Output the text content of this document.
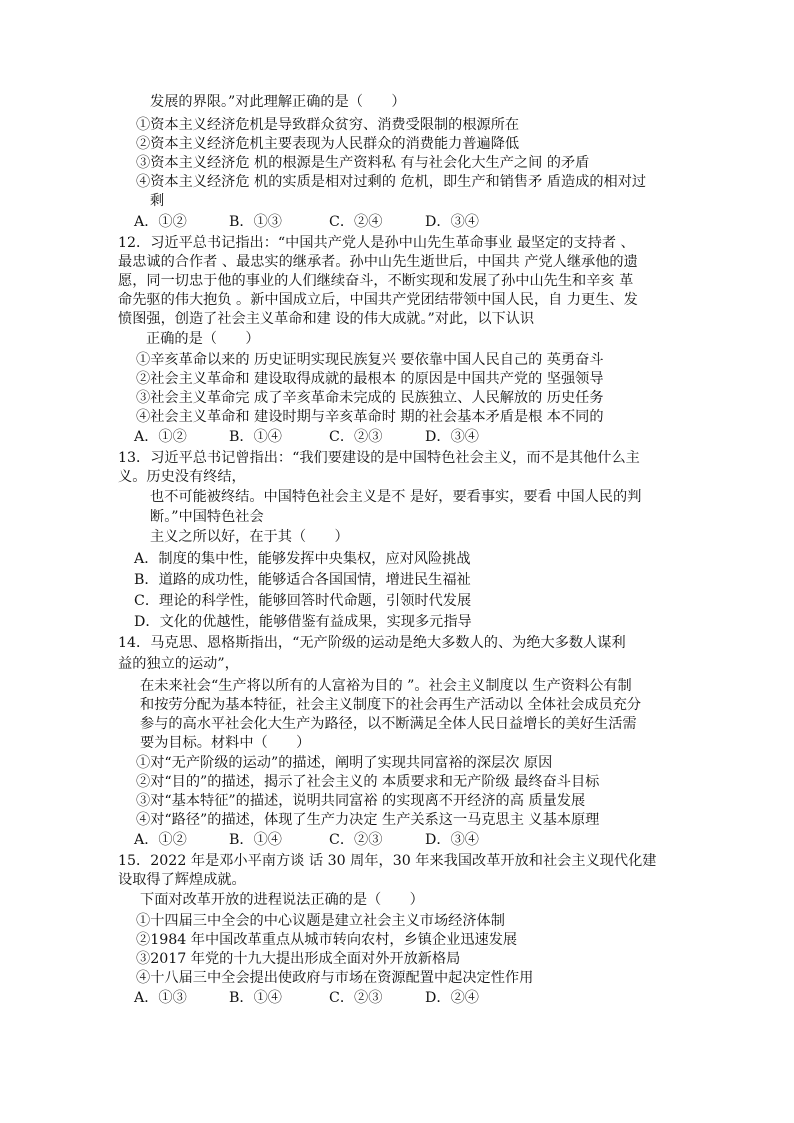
发展的界限。”对此理解正确的是（　　）
①资本主义经济危机是导致群众贫穷、消费受限制的根源所在
②资本主义经济危机主要表现为人民群众的消费能力普遍降低
③资本主义经济危 机的根源是生产资料私 有与社会化大生产之间 的矛盾
④资本主义经济危 机的实质是相对过剩的 危机，即生产和销售矛 盾造成的相对过
剩

A．①②

	B．①③

	C．②④

	D．③④

12．习近平总书记指出：“中国共产党人是孙中山先生革命事业 最坚定的支持者 、
最忠诚的合作者 、最忠实的继承者。孙中山先生逝世后，中国共 产党人继承他的遗
愿，同一切忠于他的事业的人们继续奋斗，不断实现和发展了孙中山先生和辛亥 革
命先驱的伟大抱负 。新中国成立后，中国共产党团结带领中国人民，自 力更生、发
愤图强，创造了社会主义革命和建 设的伟大成就。”对此，以下认识
正确的是（　　）
①辛亥革命以来的 历史证明实现民族复兴 要依靠中国人民自己的 英勇奋斗
②社会主义革命和 建设取得成就的最根本 的原因是中国共产党的 坚强领导
③社会主义革命完 成了辛亥革命未完成的 民族独立、人民解放的 历史任务
④社会主义革命和 建设时期与辛亥革命时 期的社会基本矛盾是根 本不同的

A．①②

	B．①④

	C．②③

	D．③④

13．习近平总书记曾指出：“我们要建设的是中国特色社会主义，而不是其他什么主
义。历史没有终结，
也不可能被终结。中国特色社会主义是不 是好，要看事实，要看 中国人民的判
断。”中国特色社会
主义之所以好，在于其（　　）
A．制度的集中性，能够发挥中央集权，应对风险挑战
B．道路的成功性，能够适合各国国情，增进民生福祉
C．理论的科学性，能够回答时代命题，引领时代发展
D．文化的优越性，能够借鉴有益成果，实现多元指导
14．马克思、恩格斯指出，“无产阶级的运动是绝大多数人的、为绝大多数人谋利
益的独立的运动”，
在未来社会“生产将以所有的人富裕为目的 ”。社会主义制度以 生产资料公有制
和按劳分配为基本特征，社会主义制度下的社会再生产活动以 全体社会成员充分
参与的高水平社会化大生产为路径，以不断满足全体人民日益增长的美好生活需
要为目标。材料中（　　）
①对“无产阶级的运动”的描述，阐明了实现共同富裕的深层次 原因
②对“目的”的描述，揭示了社会主义的 本质要求和无产阶级 最终奋斗目标
③对“基本特征”的描述，说明共同富裕 的实现离不开经济的高 质量发展
④对“路径”的描述，体现了生产力决定 生产关系这一马克思主 义基本原理

A．①②

	B．①④

	C．②③

	D．③④

15．2022 年是邓小平南方谈 话 30 周年，30 年来我国改革开放和社会主义现代化建
设取得了辉煌成就。
下面对改革开放的进程说法正确的是（　　）
①十四届三中全会的中心议题是建立社会主义市场经济体制
②1984 年中国改革重点从城市转向农村，乡镇企业迅速发展
③2017 年党的十九大提出形成全面对外开放新格局
④十八届三中全会提出使政府与市场在资源配置中起决定性作用

A．①③

	B．①④

	C．②③

	D．②④
